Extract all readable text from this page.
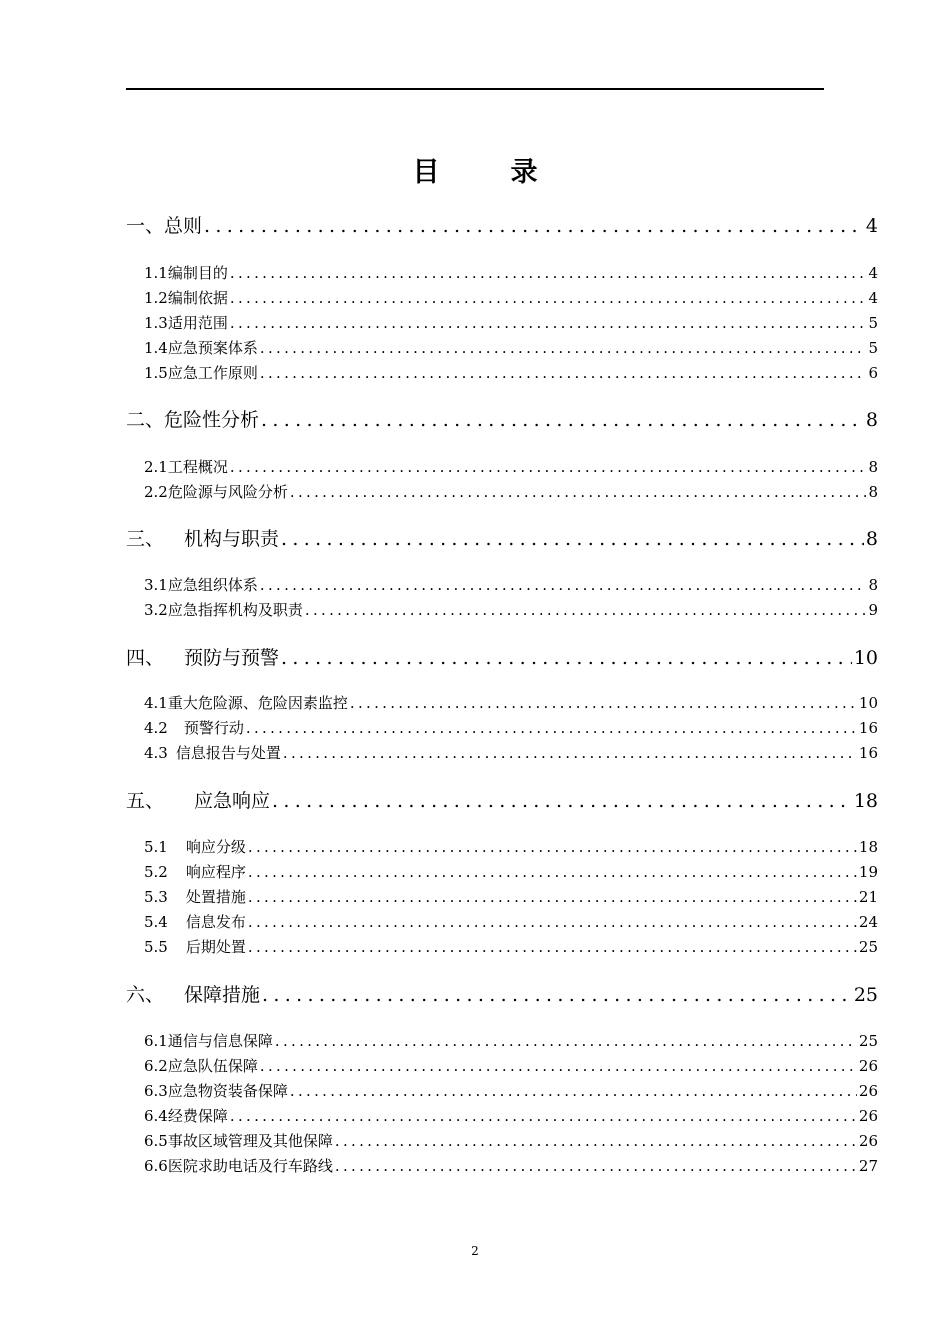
目　录
一、 总则 .....	4
1.1 编制目的 .....	4
1.2 编制依据 .....	4
1.3 适用范围 .....	5
1.4 应急预案体系 .....	5
1.5 应急工作原则 .....	6
二、 危险性分析 .....	8
2.1 工程概况 .....	8
2.2 危险源与风险分析 .....	8
三、 机构与职责 .....	8
3.1 应急组织体系 .....	8
3.2 应急指挥机构及职责 .....	9
四、 预防与预警 .....	10
4.1 重大危险源、危险因素监控 .....	10
4.2 预警行动 .....	16
4.3 信息报告与处置 .....	16
五、 应急响应 .....	18
5.1 响应分级 .....	18
5.2 响应程序 .....	19
5.3 处置措施 .....	21
5.4 信息发布 .....	24
5.5 后期处置 .....	25
六、 保障措施 .....	25
6.1 通信与信息保障 .....	25
6.2 应急队伍保障 .....	26
6.3 应急物资装备保障 .....	26
6.4 经费保障 .....	26
6.5 事故区域管理及其他保障 .....	26
6.6 医院求助电话及行车路线 .....	27
2
